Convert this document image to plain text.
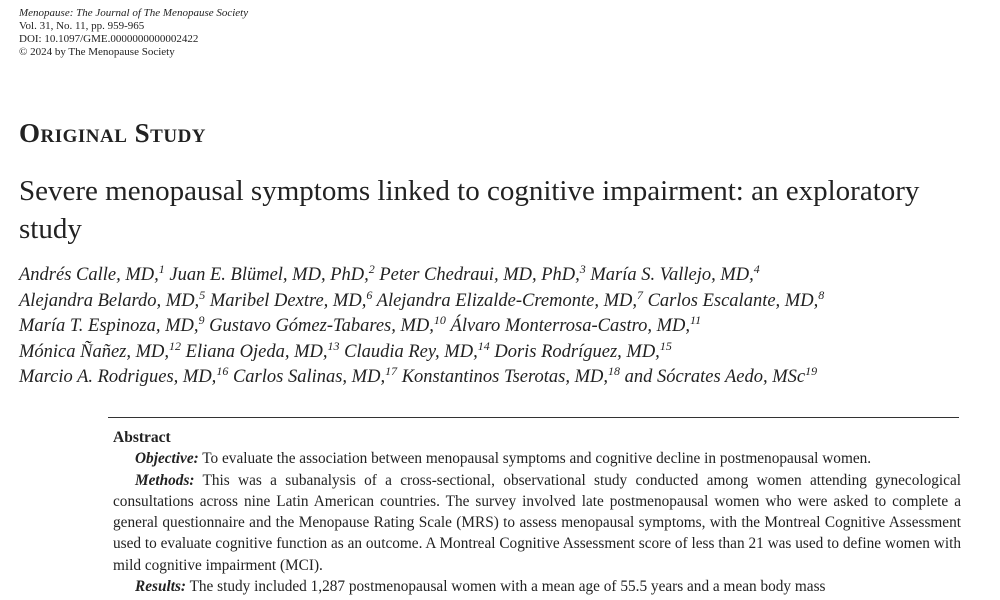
Menopause: The Journal of The Menopause Society
Vol. 31, No. 11, pp. 959-965
DOI: 10.1097/GME.0000000000002422
© 2024 by The Menopause Society
Original Study
Severe menopausal symptoms linked to cognitive impairment: an exploratory study
Andrés Calle, MD,$^1$ Juan E. Blümel, MD, PhD,$^2$ Peter Chedraui, MD, PhD,$^3$ María S. Vallejo, MD,$^4$
Alejandra Belardo, MD,$^5$ Maribel Dextre, MD,$^6$ Alejandra Elizalde-Cremonte, MD,$^7$ Carlos Escalante, MD,$^8$
María T. Espinoza, MD,$^9$ Gustavo Gómez-Tabares, MD,$^{10}$ Álvaro Monterrosa-Castro, MD,$^{11}$
Mónica Ñañez, MD,$^{12}$ Eliana Ojeda, MD,$^{13}$ Claudia Rey, MD,$^{14}$ Doris Rodríguez, MD,$^{15}$
Marcio A. Rodrigues, MD,$^{16}$ Carlos Salinas, MD,$^{17}$ Konstantinos Tserotas, MD,$^{18}$ and Sócrates Aedo, MSc$^{19}$
Abstract

Objective: To evaluate the association between menopausal symptoms and cognitive decline in postmenopausal women.

Methods: This was a subanalysis of a cross-sectional, observational study conducted among women attending gynecological consultations across nine Latin American countries. The survey involved late postmenopausal women who were asked to complete a general questionnaire and the Menopause Rating Scale (MRS) to assess menopausal symptoms, with the Montreal Cognitive Assessment used to evaluate cognitive function as an outcome. A Montreal Cognitive Assessment score of less than 21 was used to define women with mild cognitive impairment (MCI).

Results: The study included 1,287 postmenopausal women with a mean age of 55.5 years and a mean body mass
